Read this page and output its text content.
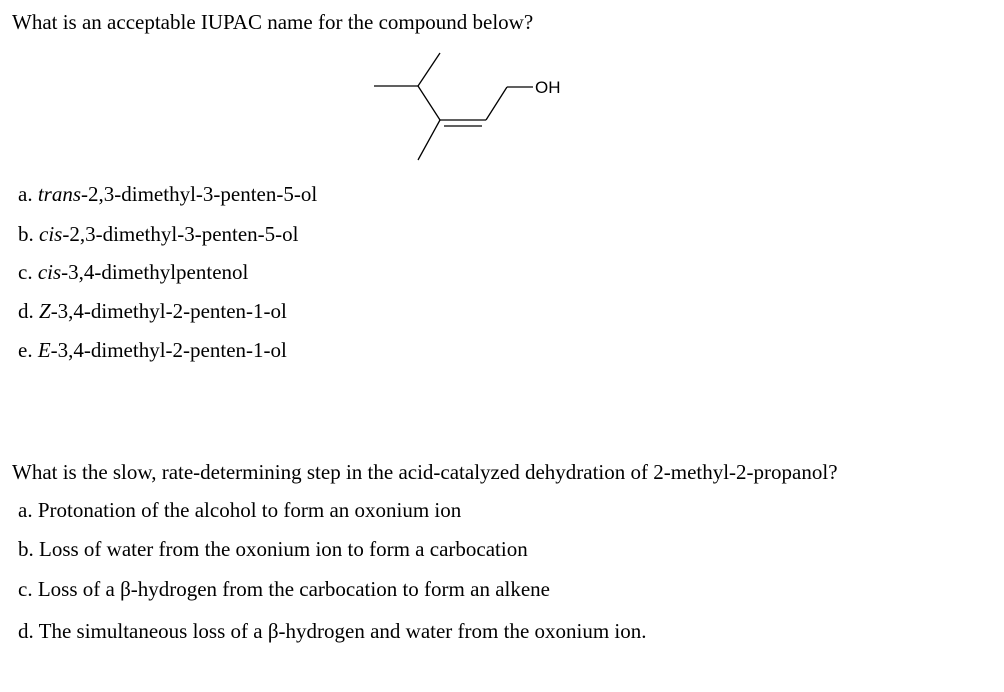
What is an acceptable IUPAC name for the compound below?
OH
a. trans-2,3-dimethyl-3-penten-5-ol
b. cis-2,3-dimethyl-3-penten-5-ol
c. cis-3,4-dimethylpentenol
d. Z-3,4-dimethyl-2-penten-1-ol
e. E-3,4-dimethyl-2-penten-1-ol
What is the slow, rate-determining step in the acid-catalyzed dehydration of 2-methyl-2-propanol?
a. Protonation of the alcohol to form an oxonium ion
b. Loss of water from the oxonium ion to form a carbocation
c. Loss of a β-hydrogen from the carbocation to form an alkene
d. The simultaneous loss of a β-hydrogen and water from the oxonium ion.
